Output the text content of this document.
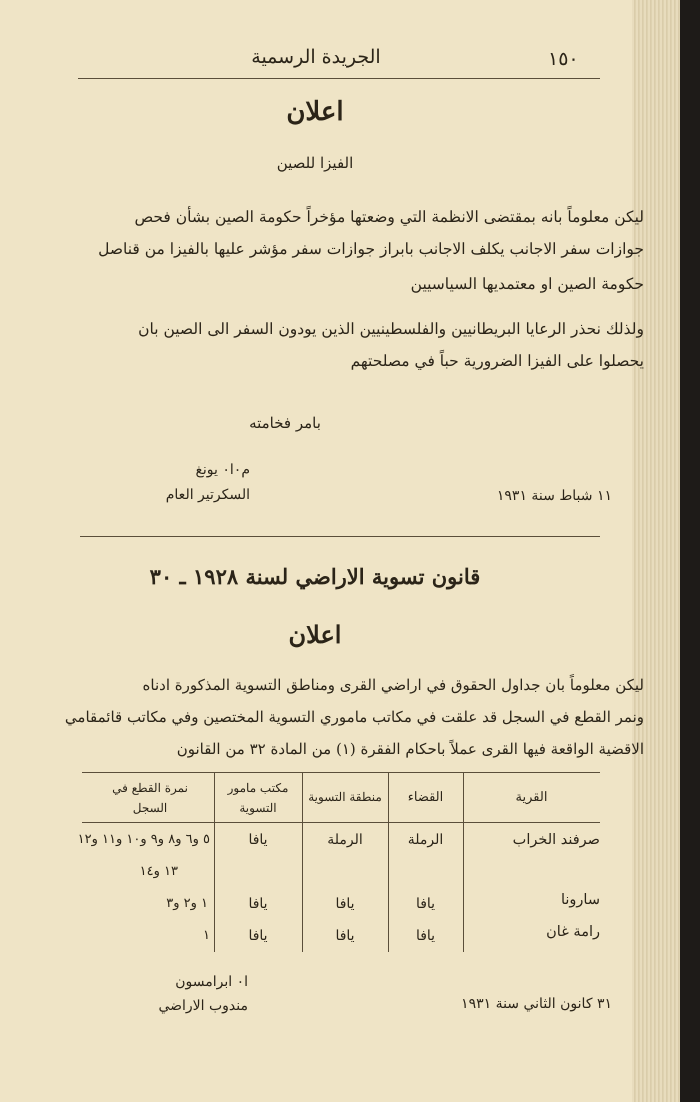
١٥٠
الجريدة الرسمية
اعلان
الفيزا للصين
ليكن معلوماً بانه بمقتضى الانظمة التي وضعتها مؤخراً حكومة الصين بشأن فحص
جوازات سفر الاجانب يكلف الاجانب بابراز جوازات سفر مؤشر عليها بالفيزا من قناصل
حكومة الصين او معتمديها السياسيين
ولذلك نحذر الرعايا البريطانيين والفلسطينيين الذين يودون السفر الى الصين بان
يحصلوا على الفيزا الضرورية حباً في مصلحتهم
بامر فخامته
١١ شباط سنة ١٩٣١
م٠ا٠ يونغ
السكرتير العام
قانون تسوية الاراضي لسنة ١٩٢٨ ـ ٣٠
اعلان
ليكن معلوماً بان جداول الحقوق في اراضي القرى ومناطق التسوية المذكورة ادناه
ونمر القطع في السجل قد علقت في مكاتب ماموري التسوية المختصين وفي مكاتب قائمقامي
الاقضية الواقعة فيها القرى عملاً باحكام الفقرة (١) من المادة ٣٢ من القانون
القرية
القضاء
منطقة التسوية
مكتب مامور التسوية
نمرة القطع في السجل
صرفند الخراب
الرملة
الرملة
يافا
٥ و٦ و٨ و٩ و١٠ و١١ و١٢
١٣ و١٤
سارونا
يافا
يافا
يافا
١ و٢ و٣
رامة غان
يافا
يافا
يافا
١
٣١ كانون الثاني سنة ١٩٣١
ا٠ ابرامسون
مندوب الاراضي
